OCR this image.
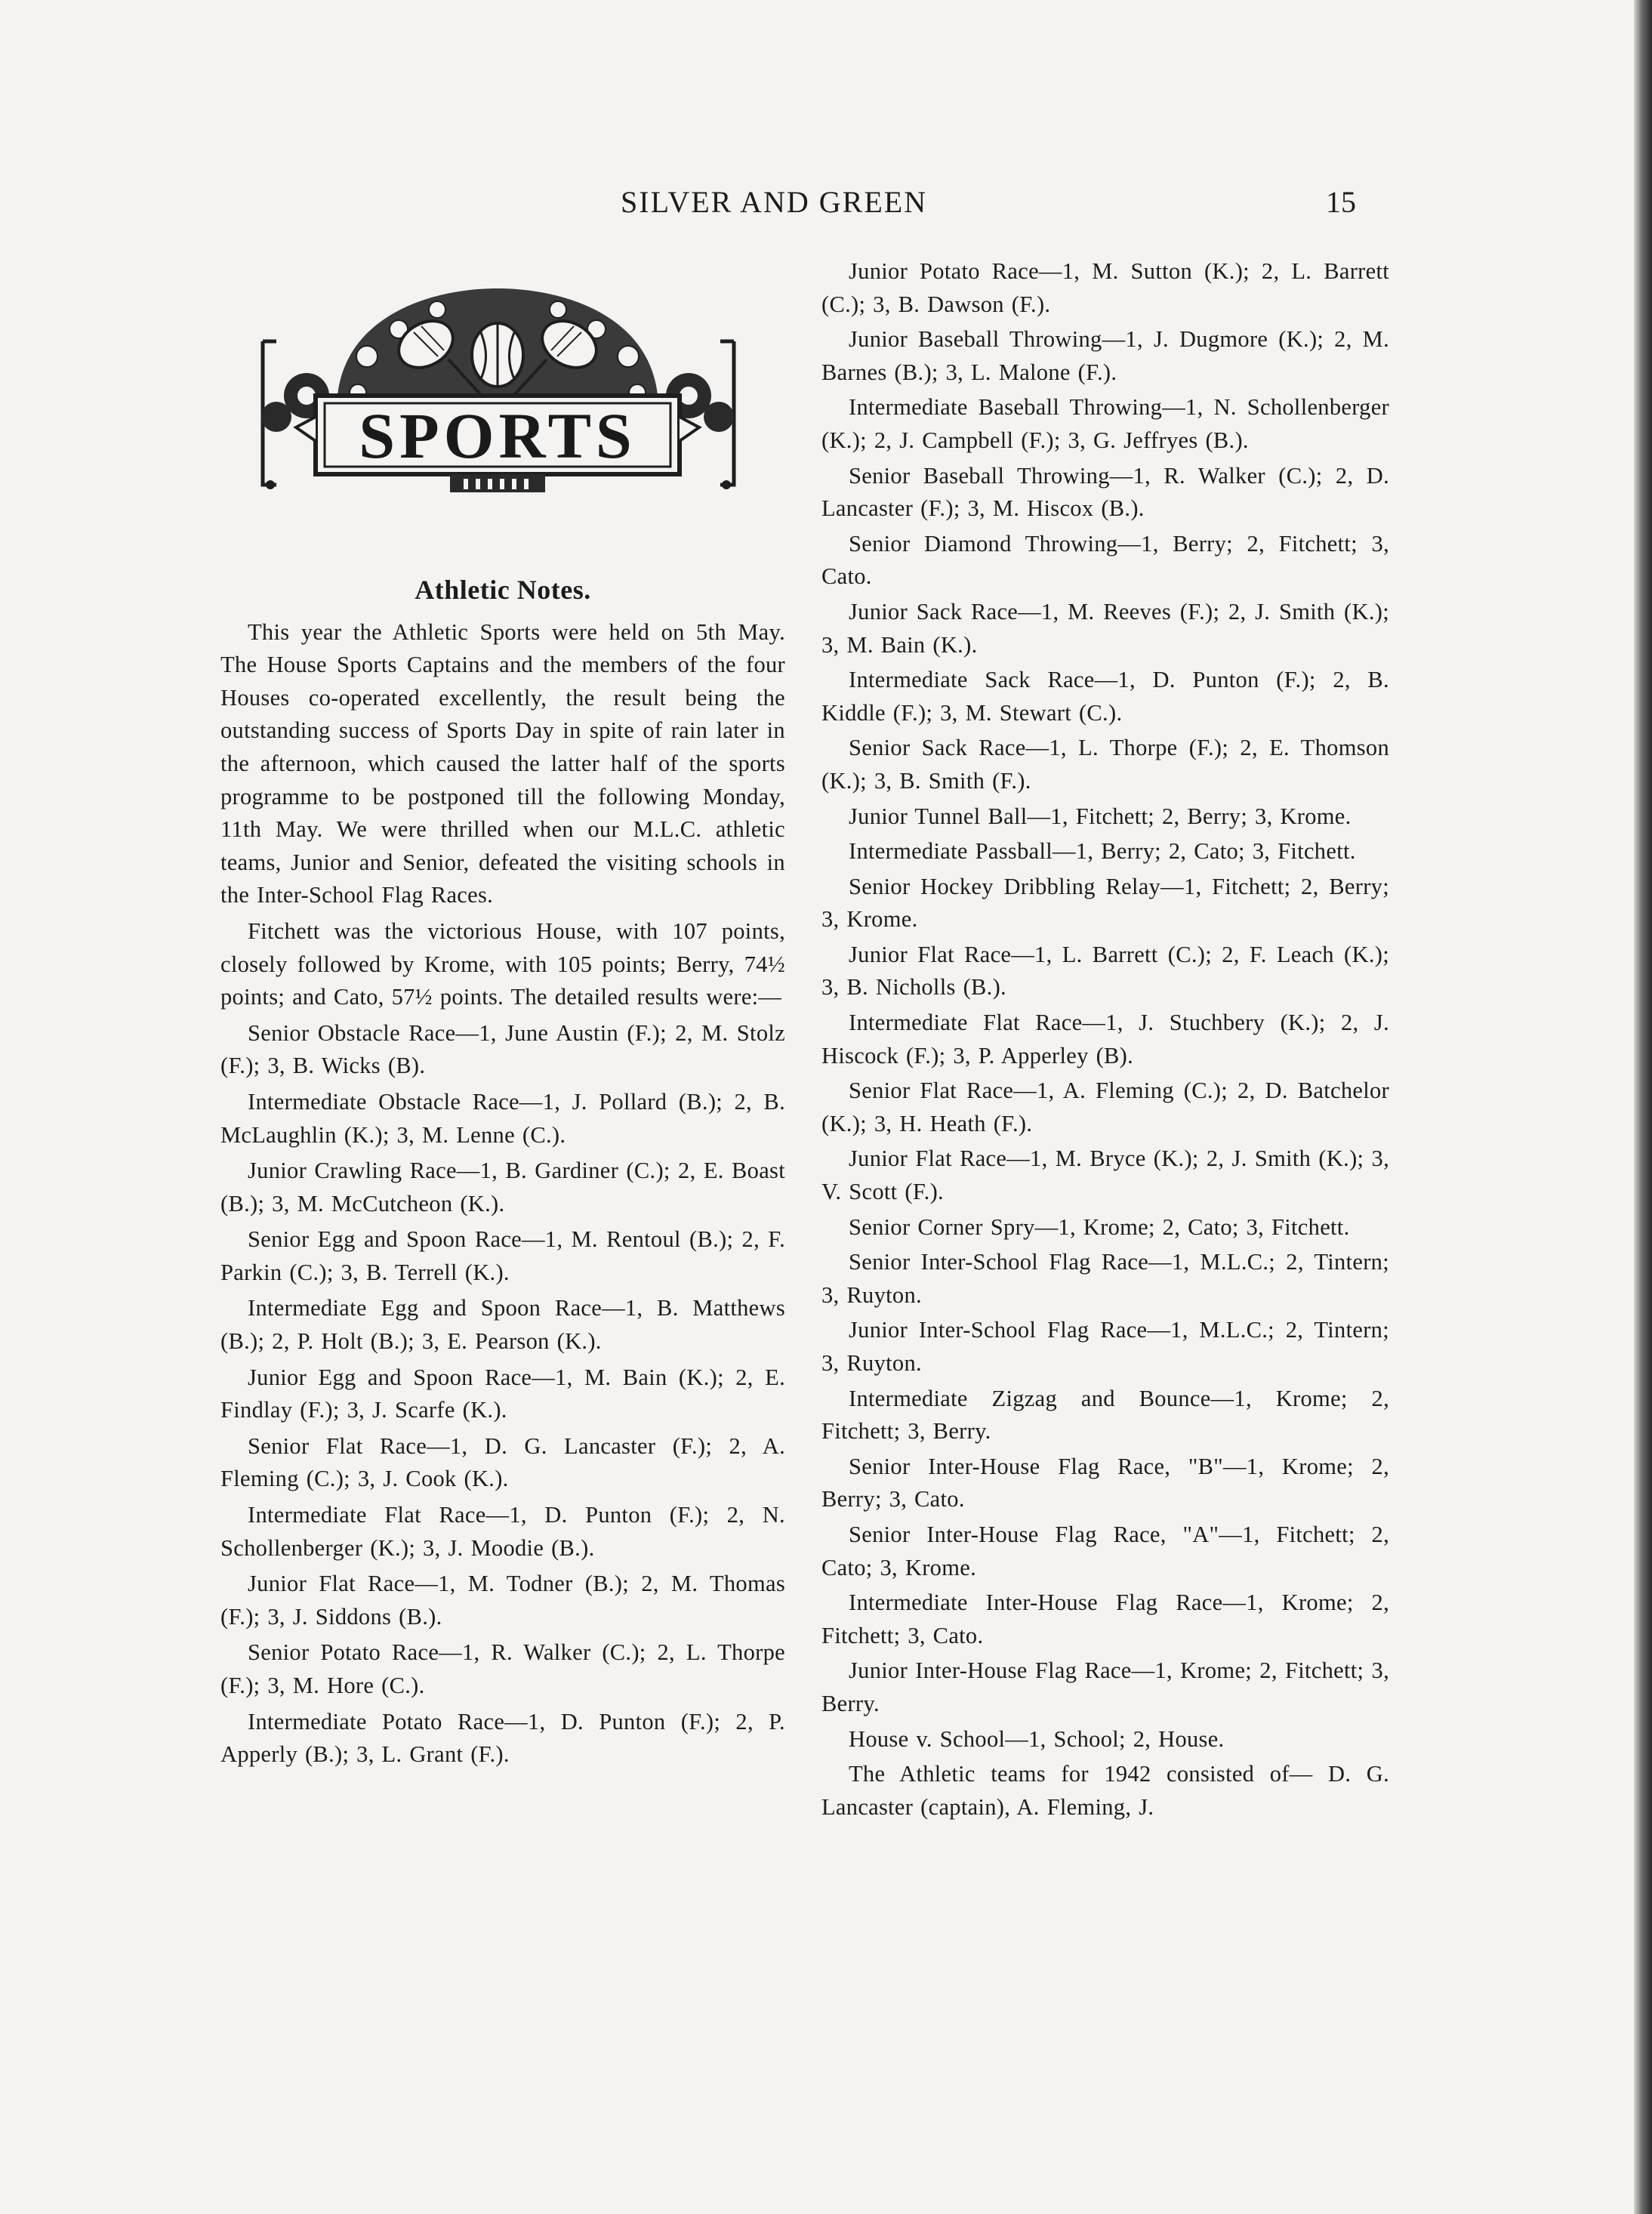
SILVER AND GREEN	15
SPORTS
Athletic Notes.

This year the Athletic Sports were held on 5th May. The House Sports Captains and the members of the four Houses co-operated excellently, the result being the outstanding success of Sports Day in spite of rain later in the afternoon, which caused the latter half of the sports programme to be postponed till the following Monday, 11th May. We were thrilled when our M.L.C. athletic teams, Junior and Senior, defeated the visiting schools in the Inter-School Flag Races.

Fitchett was the victorious House, with 107 points, closely followed by Krome, with 105 points; Berry, 74½ points; and Cato, 57½ points. The detailed results were:—

Senior Obstacle Race—1, June Austin (F.); 2, M. Stolz (F.); 3, B. Wicks (B).

Intermediate Obstacle Race—1, J. Pollard (B.); 2, B. McLaughlin (K.); 3, M. Lenne (C.).

Junior Crawling Race—1, B. Gardiner (C.); 2, E. Boast (B.); 3, M. McCutcheon (K.).

Senior Egg and Spoon Race—1, M. Rentoul (B.); 2, F. Parkin (C.); 3, B. Terrell (K.).

Intermediate Egg and Spoon Race—1, B. Matthews (B.); 2, P. Holt (B.); 3, E. Pearson (K.).

Junior Egg and Spoon Race—1, M. Bain (K.); 2, E. Findlay (F.); 3, J. Scarfe (K.).

Senior Flat Race—1, D. G. Lancaster (F.); 2, A. Fleming (C.); 3, J. Cook (K.).

Intermediate Flat Race—1, D. Punton (F.); 2, N. Schollenberger (K.); 3, J. Moodie (B.).

Junior Flat Race—1, M. Todner (B.); 2, M. Thomas (F.); 3, J. Siddons (B.).

Senior Potato Race—1, R. Walker (C.); 2, L. Thorpe (F.); 3, M. Hore (C.).

Intermediate Potato Race—1, D. Punton (F.); 2, P. Apperly (B.); 3, L. Grant (F.).

Junior Potato Race—1, M. Sutton (K.); 2, L. Barrett (C.); 3, B. Dawson (F.).

Junior Baseball Throwing—1, J. Dugmore (K.); 2, M. Barnes (B.); 3, L. Malone (F.).

Intermediate Baseball Throwing—1, N. Schollenberger (K.); 2, J. Campbell (F.); 3, G. Jeffryes (B.).

Senior Baseball Throwing—1, R. Walker (C.); 2, D. Lancaster (F.); 3, M. Hiscox (B.).

Senior Diamond Throwing—1, Berry; 2, Fitchett; 3, Cato.

Junior Sack Race—1, M. Reeves (F.); 2, J. Smith (K.); 3, M. Bain (K.).

Intermediate Sack Race—1, D. Punton (F.); 2, B. Kiddle (F.); 3, M. Stewart (C.).

Senior Sack Race—1, L. Thorpe (F.); 2, E. Thomson (K.); 3, B. Smith (F.).

Junior Tunnel Ball—1, Fitchett; 2, Berry; 3, Krome.

Intermediate Passball—1, Berry; 2, Cato; 3, Fitchett.

Senior Hockey Dribbling Relay—1, Fitchett; 2, Berry; 3, Krome.

Junior Flat Race—1, L. Barrett (C.); 2, F. Leach (K.); 3, B. Nicholls (B.).

Intermediate Flat Race—1, J. Stuchbery (K.); 2, J. Hiscock (F.); 3, P. Apperley (B).

Senior Flat Race—1, A. Fleming (C.); 2, D. Batchelor (K.); 3, H. Heath (F.).

Junior Flat Race—1, M. Bryce (K.); 2, J. Smith (K.); 3, V. Scott (F.).

Senior Corner Spry—1, Krome; 2, Cato; 3, Fitchett.

Senior Inter-School Flag Race—1, M.L.C.; 2, Tintern; 3, Ruyton.

Junior Inter-School Flag Race—1, M.L.C.; 2, Tintern; 3, Ruyton.

Intermediate Zigzag and Bounce—1, Krome; 2, Fitchett; 3, Berry.

Senior Inter-House Flag Race, "B"—1, Krome; 2, Berry; 3, Cato.

Senior Inter-House Flag Race, "A"—1, Fitchett; 2, Cato; 3, Krome.

Intermediate Inter-House Flag Race—1, Krome; 2, Fitchett; 3, Cato.

Junior Inter-House Flag Race—1, Krome; 2, Fitchett; 3, Berry.

House v. School—1, School; 2, House.

The Athletic teams for 1942 consisted of— D. G. Lancaster (captain), A. Fleming, J.
